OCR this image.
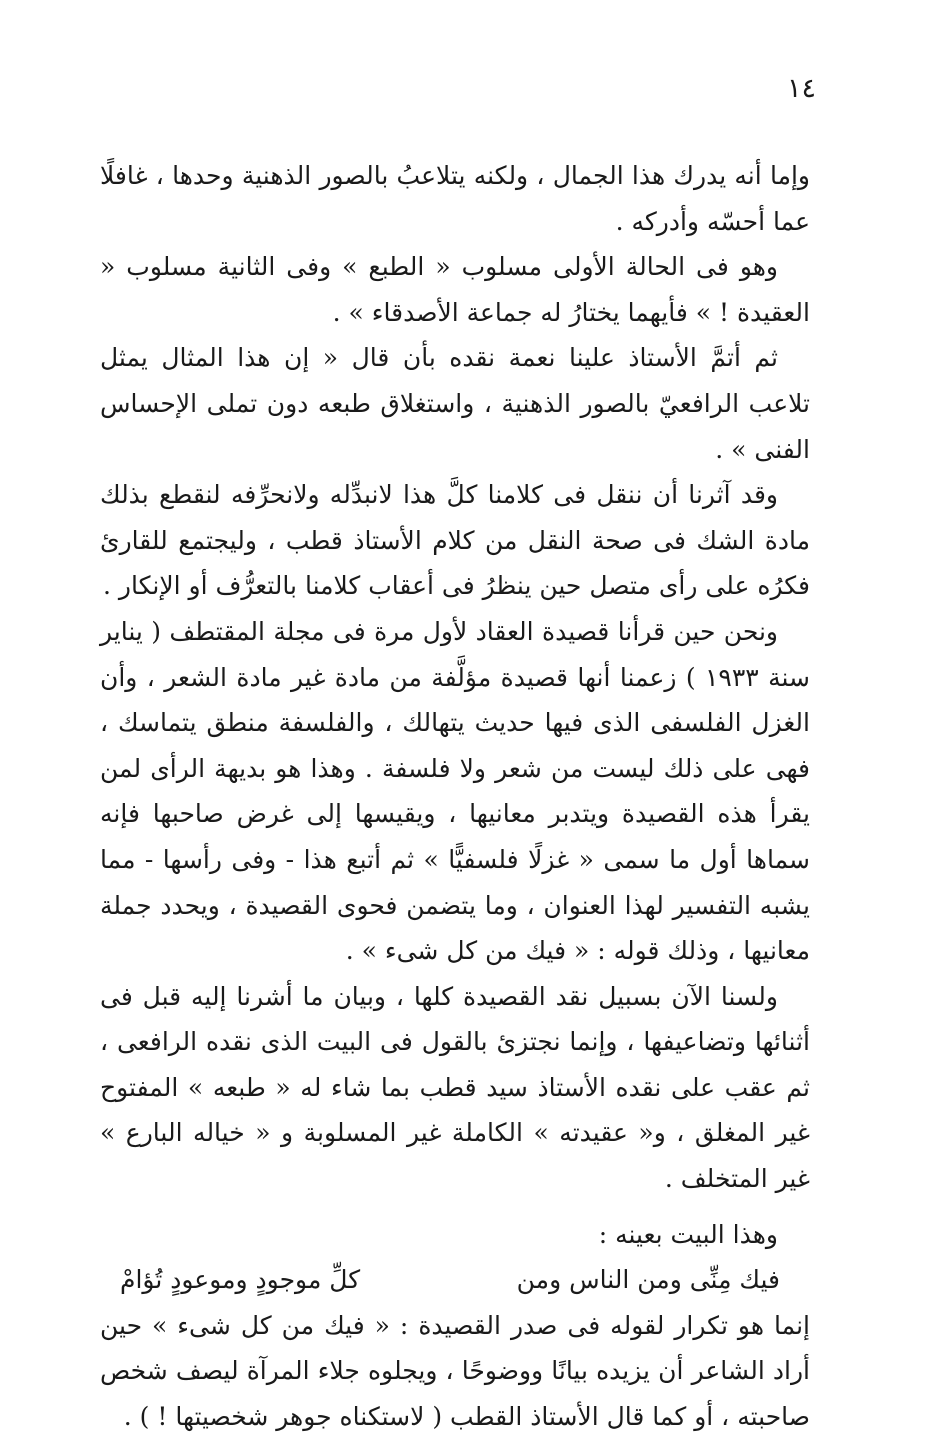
١٤

وإما أنه يدرك هذا الجمال ، ولكنه يتلاعبُ بالصور الذهنية وحدها ، غافلًا عما أحسّه وأدركه .

وهو فى الحالة الأولى مسلوب « الطبع » وفى الثانية مسلوب « العقيدة ! » فأيهما يختارُ له جماعة الأصدقاء » .

ثم أتمَّ الأستاذ علينا نعمة نقده بأن قال « إن هذا المثال يمثل تلاعب الرافعيّ بالصور الذهنية ، واستغلاق طبعه دون تملى الإحساس الفنى » .

وقد آثرنا أن ننقل فى كلامنا كلَّ هذا لانبدِّله ولانحرِّفه لنقطع بذلك مادة الشك فى صحة النقل من كلام الأستاذ قطب ، وليجتمع للقارئ فكرُه على رأى متصل حين ينظرُ فى أعقاب كلامنا بالتعرُّف أو الإنكار .

ونحن حين قرأنا قصيدة العقاد لأول مرة فى مجلة المقتطف ( يناير سنة ١٩٣٣ ) زعمنا أنها قصيدة مؤلَّفة من مادة غير مادة الشعر ، وأن الغزل الفلسفى الذى فيها حديث يتهالك ، والفلسفة منطق يتماسك ، فهى على ذلك ليست من شعر ولا فلسفة . وهذا هو بديهة الرأى لمن يقرأ هذه القصيدة ويتدبر معانيها ، ويقيسها إلى غرض صاحبها فإنه سماها أول ما سمى « غزلًا فلسفيًّا » ثم أتبع هذا - وفى رأسها - مما يشبه التفسير لهذا العنوان ، وما يتضمن فحوى القصيدة ، ويحدد جملة معانيها ، وذلك قوله : « فيك من كل شىء » .

ولسنا الآن بسبيل نقد القصيدة كلها ، وبيان ما أشرنا إليه قبل فى أثنائها وتضاعيفها ، وإنما نجتزئ بالقول فى البيت الذى نقده الرافعى ، ثم عقب على نقده الأستاذ سيد قطب بما شاء له « طبعه » المفتوح غير المغلق ، و« عقيدته » الكاملة غير المسلوبة و « خياله البارع » غير المتخلف .

وهذا البيت بعينه :

فيك مِنِّى ومن الناس ومن
كلِّ موجودٍ وموعودٍ تُؤامْ

إنما هو تكرار لقوله فى صدر القصيدة : « فيك من كل شىء » حين أراد الشاعر أن يزيده بيانًا ووضوحًا ، ويجلوه جلاء المرآة ليصف شخص صاحبته ، أو كما قال الأستاذ القطب ( لاستكناه جوهر شخصيتها ! ) .
